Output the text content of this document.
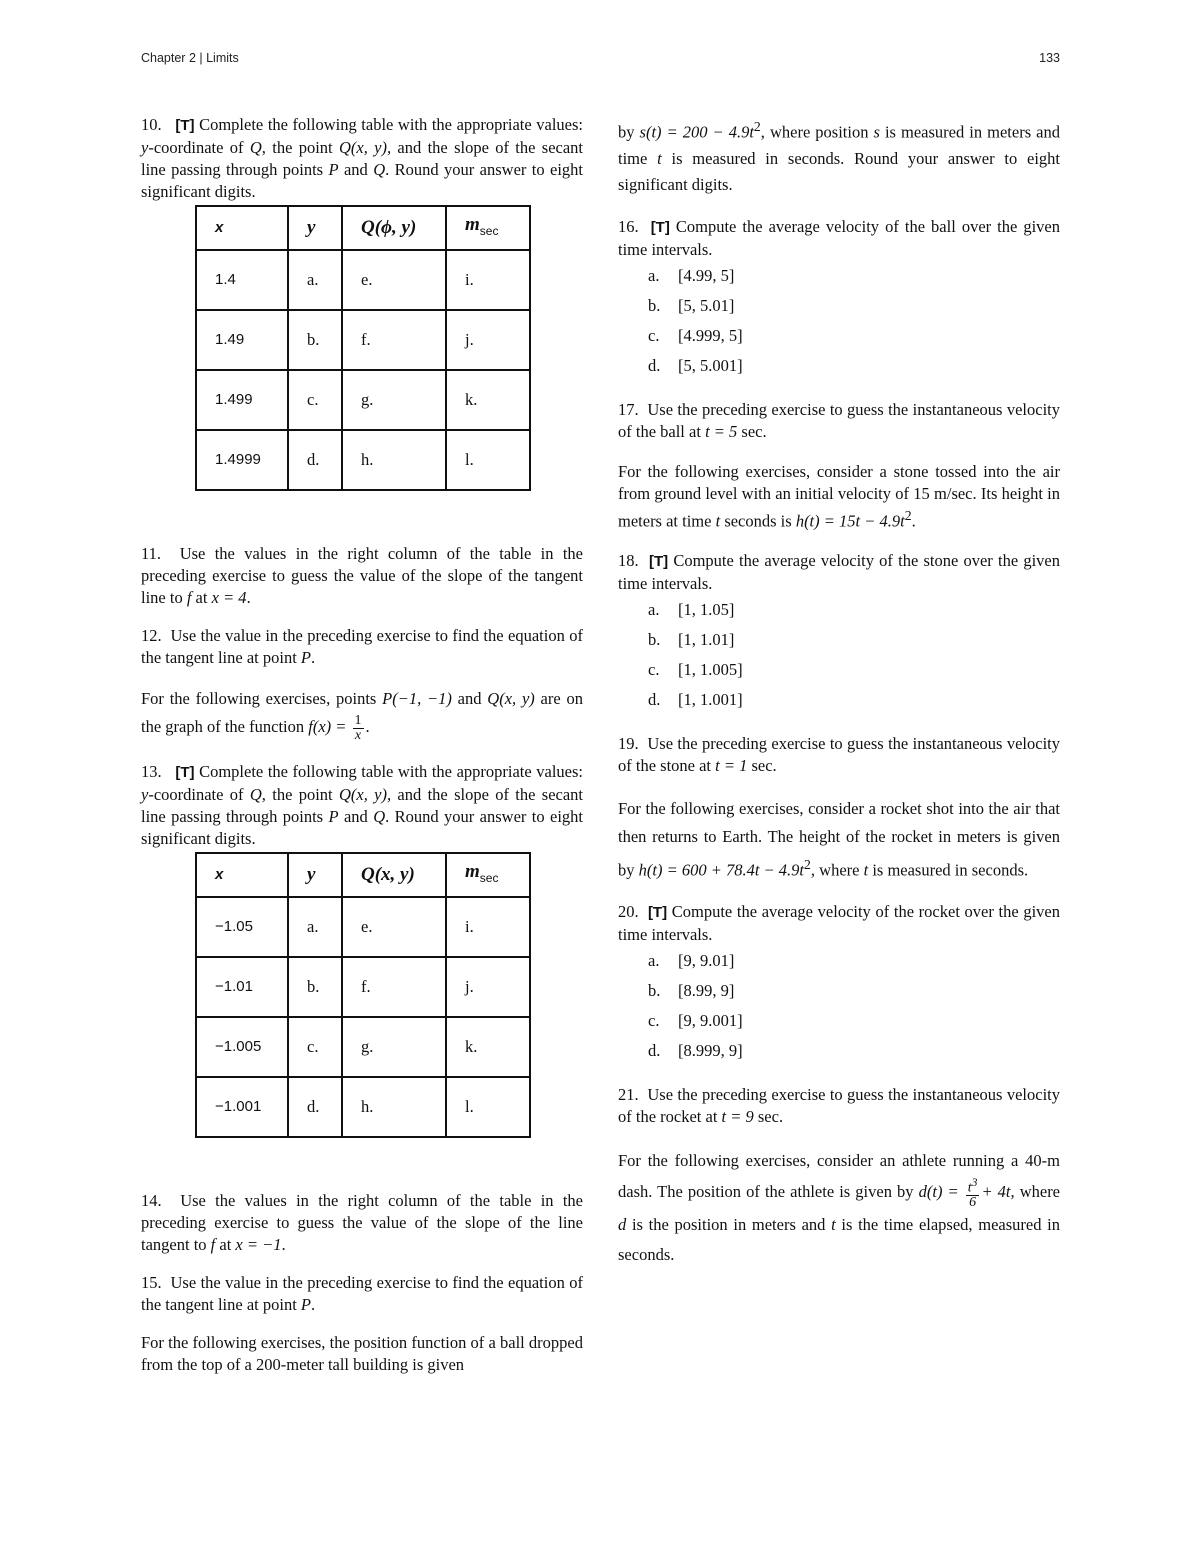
Chapter 2 | Limits	133

10. [T] Complete the following table with the appropriate values: y-coordinate of Q, the point Q(x, y), and the slope of the secant line passing through points P and Q. Round your answer to eight significant digits.

x	y	Q(ϕ, y)	$m_{sec}$
1.4	a.	e.	i.
1.49	b.	f.	j.
1.499	c.	g.	k.
1.4999	d.	h.	l.

11. Use the values in the right column of the table in the preceding exercise to guess the value of the slope of the tangent line to f at x = 4.

12. Use the value in the preceding exercise to find the equation of the tangent line at point P.

For the following exercises, points P(−1, −1) and Q(x, y) are on the graph of the function $f(x) = \frac{1}{x}$ .

13. [T] Complete the following table with the appropriate values: y-coordinate of Q, the point Q(x, y), and the slope of the secant line passing through points P and Q. Round your answer to eight significant digits.

x	y	Q(x, y)	$m_{sec}$
−1.05	a.	e.	i.
−1.01	b.	f.	j.
−1.005	c.	g.	k.
−1.001	d.	h.	l.

14. Use the values in the right column of the table in the preceding exercise to guess the value of the slope of the line tangent to f at x = −1.

15. Use the value in the preceding exercise to find the equation of the tangent line at point P.

For the following exercises, the position function of a ball dropped from the top of a 200-meter tall building is given

by $s(t) = 200 - 4.9t^2$, where position s is measured in meters and time t is measured in seconds. Round your answer to eight significant digits.

16. [T] Compute the average velocity of the ball over the given time intervals.

a. [4.99, 5]
b. [5, 5.01]
c. [4.999, 5]
d. [5, 5.001]

17. Use the preceding exercise to guess the instantaneous velocity of the ball at t = 5 sec.

For the following exercises, consider a stone tossed into the air from ground level with an initial velocity of 15 m/sec. Its height in meters at time t seconds is $h(t) = 15t - 4.9t^2$.

18. [T] Compute the average velocity of the stone over the given time intervals.

a. [1, 1.05]
b. [1, 1.01]
c. [1, 1.005]
d. [1, 1.001]

19. Use the preceding exercise to guess the instantaneous velocity of the stone at t = 1 sec.

For the following exercises, consider a rocket shot into the air that then returns to Earth. The height of the rocket in meters is given by $h(t) = 600 + 78.4t - 4.9t^2$, where t is measured in seconds.

20. [T] Compute the average velocity of the rocket over the given time intervals.

a. [9, 9.01]
b. [8.99, 9]
c. [9, 9.001]
d. [8.999, 9]

21. Use the preceding exercise to guess the instantaneous velocity of the rocket at t = 9 sec.

For the following exercises, consider an athlete running a 40-m dash. The position of the athlete is given by $d(t) = \frac{t^3}{6} + 4t$, where d is the position in meters and t is the time elapsed, measured in seconds.
